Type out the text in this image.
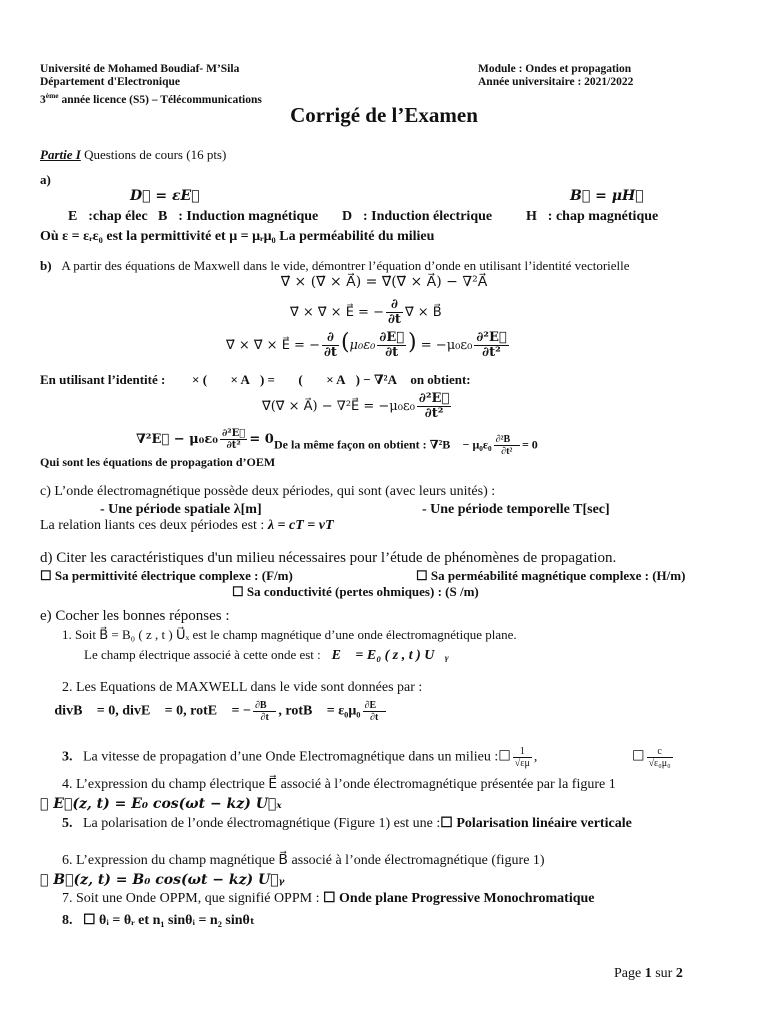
Université de Mohamed Boudiaf- M’Sila
Département d'Electronique
3ème année licence (S5) – Télécommunications
Module : Ondes et propagation
Année universitaire : 2021/2022
Corrigé de l’Examen
Partie I Questions de cours (16 pts)
a)
D⃗ = εE⃗	B⃗ = μH⃗
E⃗:chap élec B⃗: Induction magnétique D⃗: Induction électrique H⃗: chap magnétique
Où ε = εᵣε₀ est la permittivité et μ = μᵣμ₀ La perméabilité du milieu
b) A partir des équations de Maxwell dans le vide, démontrer l’équation d’onde en utilisant l’identité vectorielle
∇⃗ × (∇⃗ × A⃗) = ∇⃗(∇⃗ × A⃗) − ∇²A⃗
∇⃗ × ∇⃗ × E⃗ = − $\frac{\partial}{\partial t}$ ∇⃗ × B⃗
∇⃗ × ∇⃗ × E⃗ = − $\frac{\partial}{\partial t} (\mu_0\varepsilon_0 \frac{\partial E⃗}{\partial t}$ ) = $-\mu_0\varepsilon_0 \frac{\text{∂²E⃗}}{\text{∂t²}}$
En utilisant l’identité : ∇⃗ × (∇⃗ × A⃗) = ∇⃗(∇⃗ × A⃗) − ∇²A⃗ on obtient:
∇⃗(∇⃗ × A⃗) − ∇²E⃗ = $-\mu_0\varepsilon_0 \frac{\text{∂²E⃗}}{\text{∂t²}}$
∇²E⃗ − $\mu_0\varepsilon_0 \frac{\text{∂²E⃗}}{\text{∂t²}} = 0$ De la même façon on obtient : ∇²B⃗ − $\mu_0\varepsilon_0 \frac{\text{∂²B⃗}}{\text{∂t²}} = 0$
Qui sont les équations de propagation d’OEM
c) L’onde électromagnétique possède deux périodes, qui sont (avec leurs unités) :
- Une période spatiale λ[m]	- Une période temporelle T[sec]
La relation liants ces deux périodes est : λ = cT = vT
d) Citer les caractéristiques d'un milieu nécessaires pour l’étude de phénomènes de propagation.
☐ Sa permittivité électrique complexe : (F/m)	☐ Sa perméabilité magnétique complexe : (H/m)
☐ Sa conductivité (pertes ohmiques) : (S /m)
e) Cocher les bonnes réponses :
1. Soit B⃗ = B₀ ( z , t ) U⃗ₓ est le champ magnétique d’une onde électromagnétique plane.
Le champ électrique associé à cette onde est :☐E⃗ = E₀ ( z , t ) U⃗ᵧ
2. Les Equations de MAXWELL dans le vide sont données par :
☐ divB⃗ = 0, divE⃗ = 0, rotE⃗ = − $\frac{\partial B⃗}{\partial t}$ , rotB⃗ = $\varepsilon_0\mu_0 \frac{\partial E⃗}{\partial t}$
3. La vitesse de propagation d’une Onde Electromagnétique dans un milieu :☐ $\frac{1}{√\varepsilon\mu}$ ,	☐ $\frac{c}{\text{√ε₀μ₀}}$
4. L’expression du champ électrique E⃗ associé à l’onde électromagnétique présentée par la figure 1
☐ E⃗(z, t) = E₀ cos(ωt − kz) U⃗ₓ
5. La polarisation de l’onde électromagnétique (Figure 1) est une :☐ Polarisation linéaire verticale
6. L’expression du champ magnétique B⃗ associé à l’onde électromagnétique (figure 1)
☐ B⃗(z, t) = B₀ cos(ωt − kz) U⃗ᵧ
7. Soit une Onde OPPM, que signifié OPPM : ☐ Onde plane Progressive Monochromatique
8. ☐ θᵢ = θᵣ et n₁ sinθᵢ = n₂ sinθₜ
Page 1 sur 2
